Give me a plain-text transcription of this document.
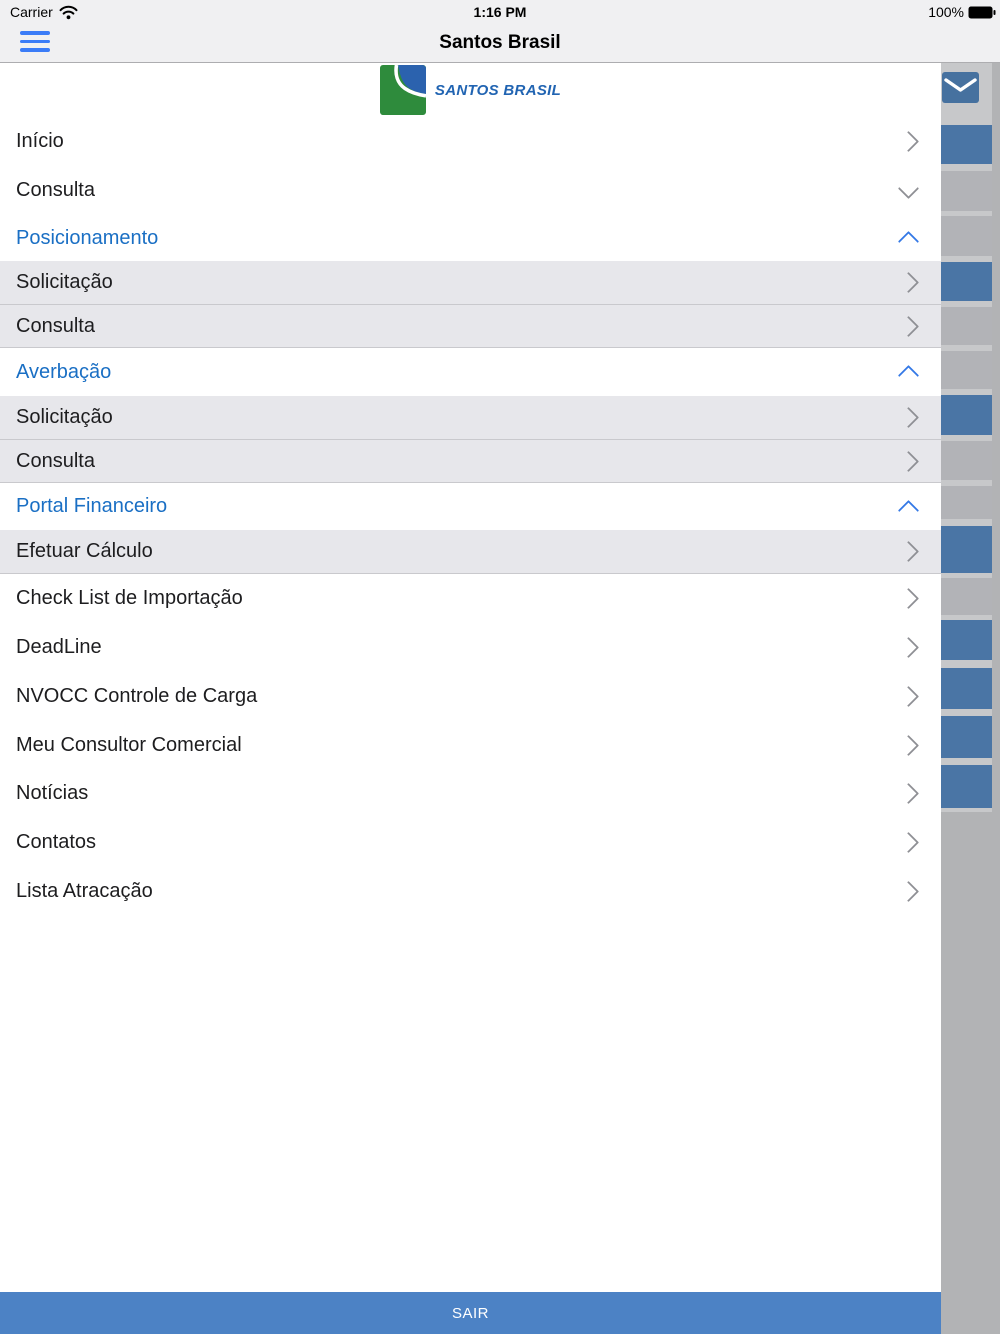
Carrier	1:16 PM	100%
Santos Brasil
SANTOS BRASIL
Início
Consulta
Posicionamento
Solicitação
Consulta
Averbação
Solicitação
Consulta
Portal Financeiro
Efetuar Cálculo
Check List de Importação
DeadLine
NVOCC Controle de Carga
Meu Consultor Comercial
Notícias
Contatos
Lista Atracação
SAIR
